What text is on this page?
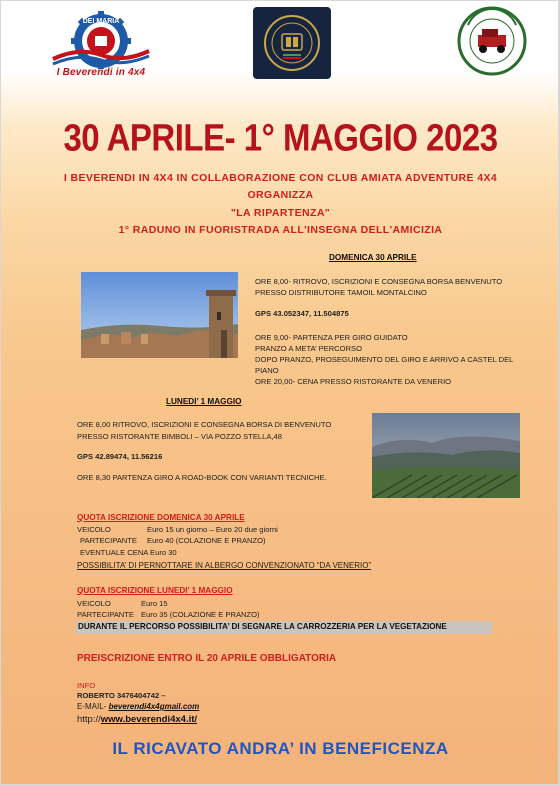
DEI MARIA
I Beverendi in 4x4
30 APRILE- 1° MAGGIO 2023
I BEVERENDI IN 4X4 IN COLLABORAZIONE CON CLUB AMIATA ADVENTURE 4X4
ORGANIZZA
"LA RIPARTENZA"
1° RADUNO IN FUORISTRADA ALL'INSEGNA DELL'AMICIZIA
DOMENICA 30 APRILE
ORE 8,00- RITROVO, ISCRIZIONI E CONSEGNA BORSA BENVENUTO
PRESSO DISTRIBUTORE TAMOIL MONTALCINO
GPS 43.052347, 11.504875
ORE 9,00- PARTENZA PER GIRO GUIDATO
PRANZO A META’ PERCORSO
DOPO PRANZO, PROSEGUIMENTO DEL GIRO E ARRIVO A CASTEL DEL
PIANO
ORE 20,00- CENA PRESSO RISTORANTE DA VENERIO
LUNEDI’ 1 MAGGIO
ORE 8,00 RITROVO, ISCRIZIONI E CONSEGNA BORSA DI BENVENUTO
PRESSO RISTORANTE BIMBOLI – VIA POZZO STELLA,48
GPS 42.89474, 11.56216
ORE 8,30 PARTENZA GIRO A ROAD-BOOK CON VARIANTI TECNICHE.
QUOTA ISCRIZIONE DOMENICA 30 APRILE
VEICOLO	Euro 15 un giorno – Euro 20 due giorni
PARTECIPANTE Euro 40 (COLAZIONE E PRANZO)
EVENTUALE CENA Euro 30
POSSIBILITA’ DI PERNOTTARE IN ALBERGO CONVENZIONATO “DA VENERIO”
QUOTA ISCRIZIONE LUNEDI’ 1 MAGGIO
VEICOLO	Euro 15
PARTECIPANTE Euro 35 (COLAZIONE E PRANZO)
DURANTE IL PERCORSO POSSIBILITA’ DI SEGNARE LA CARROZZERIA PER LA VEGETAZIONE
PREISCRIZIONE ENTRO IL 20 APRILE OBBLIGATORIA
INFO
ROBERTO 3476404742 –
E-MAIL- beverendi4x4gmail.com
http://www.beverendi4x4.it/
IL RICAVATO ANDRA’ IN BENEFICENZA
